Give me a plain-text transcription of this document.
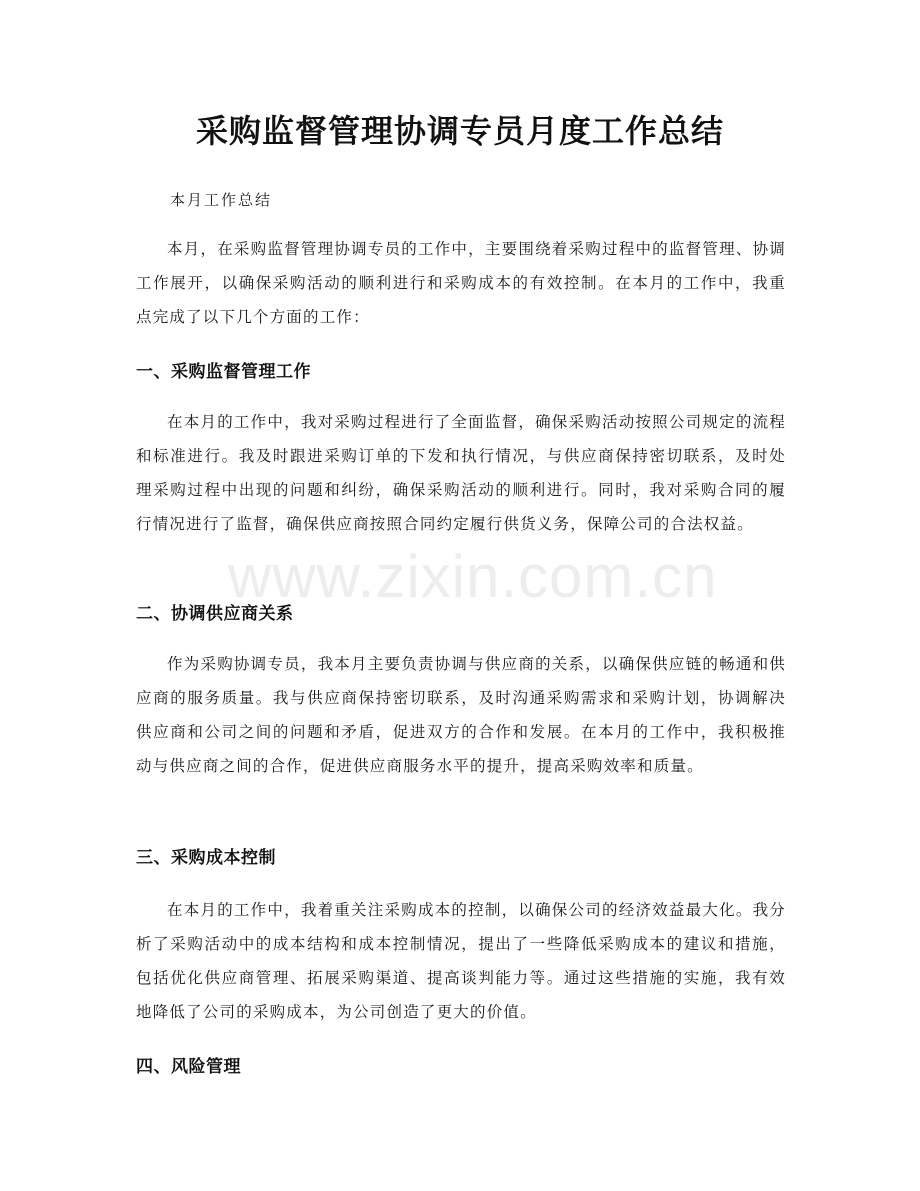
采购监督管理协调专员月度工作总结
本月工作总结

本月，在采购监督管理协调专员的工作中，主要围绕着采购过程中的监督管理、协调工作展开，以确保采购活动的顺利进行和采购成本的有效控制。在本月的工作中，我重点完成了以下几个方面的工作：

一、采购监督管理工作

在本月的工作中，我对采购过程进行了全面监督，确保采购活动按照公司规定的流程和标准进行。我及时跟进采购订单的下发和执行情况，与供应商保持密切联系，及时处理采购过程中出现的问题和纠纷，确保采购活动的顺利进行。同时，我对采购合同的履行情况进行了监督，确保供应商按照合同约定履行供货义务，保障公司的合法权益。

二、协调供应商关系

作为采购协调专员，我本月主要负责协调与供应商的关系，以确保供应链的畅通和供应商的服务质量。我与供应商保持密切联系，及时沟通采购需求和采购计划，协调解决供应商和公司之间的问题和矛盾，促进双方的合作和发展。在本月的工作中，我积极推动与供应商之间的合作，促进供应商服务水平的提升，提高采购效率和质量。

三、采购成本控制

在本月的工作中，我着重关注采购成本的控制，以确保公司的经济效益最大化。我分析了采购活动中的成本结构和成本控制情况，提出了一些降低采购成本的建议和措施，包括优化供应商管理、拓展采购渠道、提高谈判能力等。通过这些措施的实施，我有效地降低了公司的采购成本，为公司创造了更大的价值。

四、风险管理
www.zixin.com.cn
